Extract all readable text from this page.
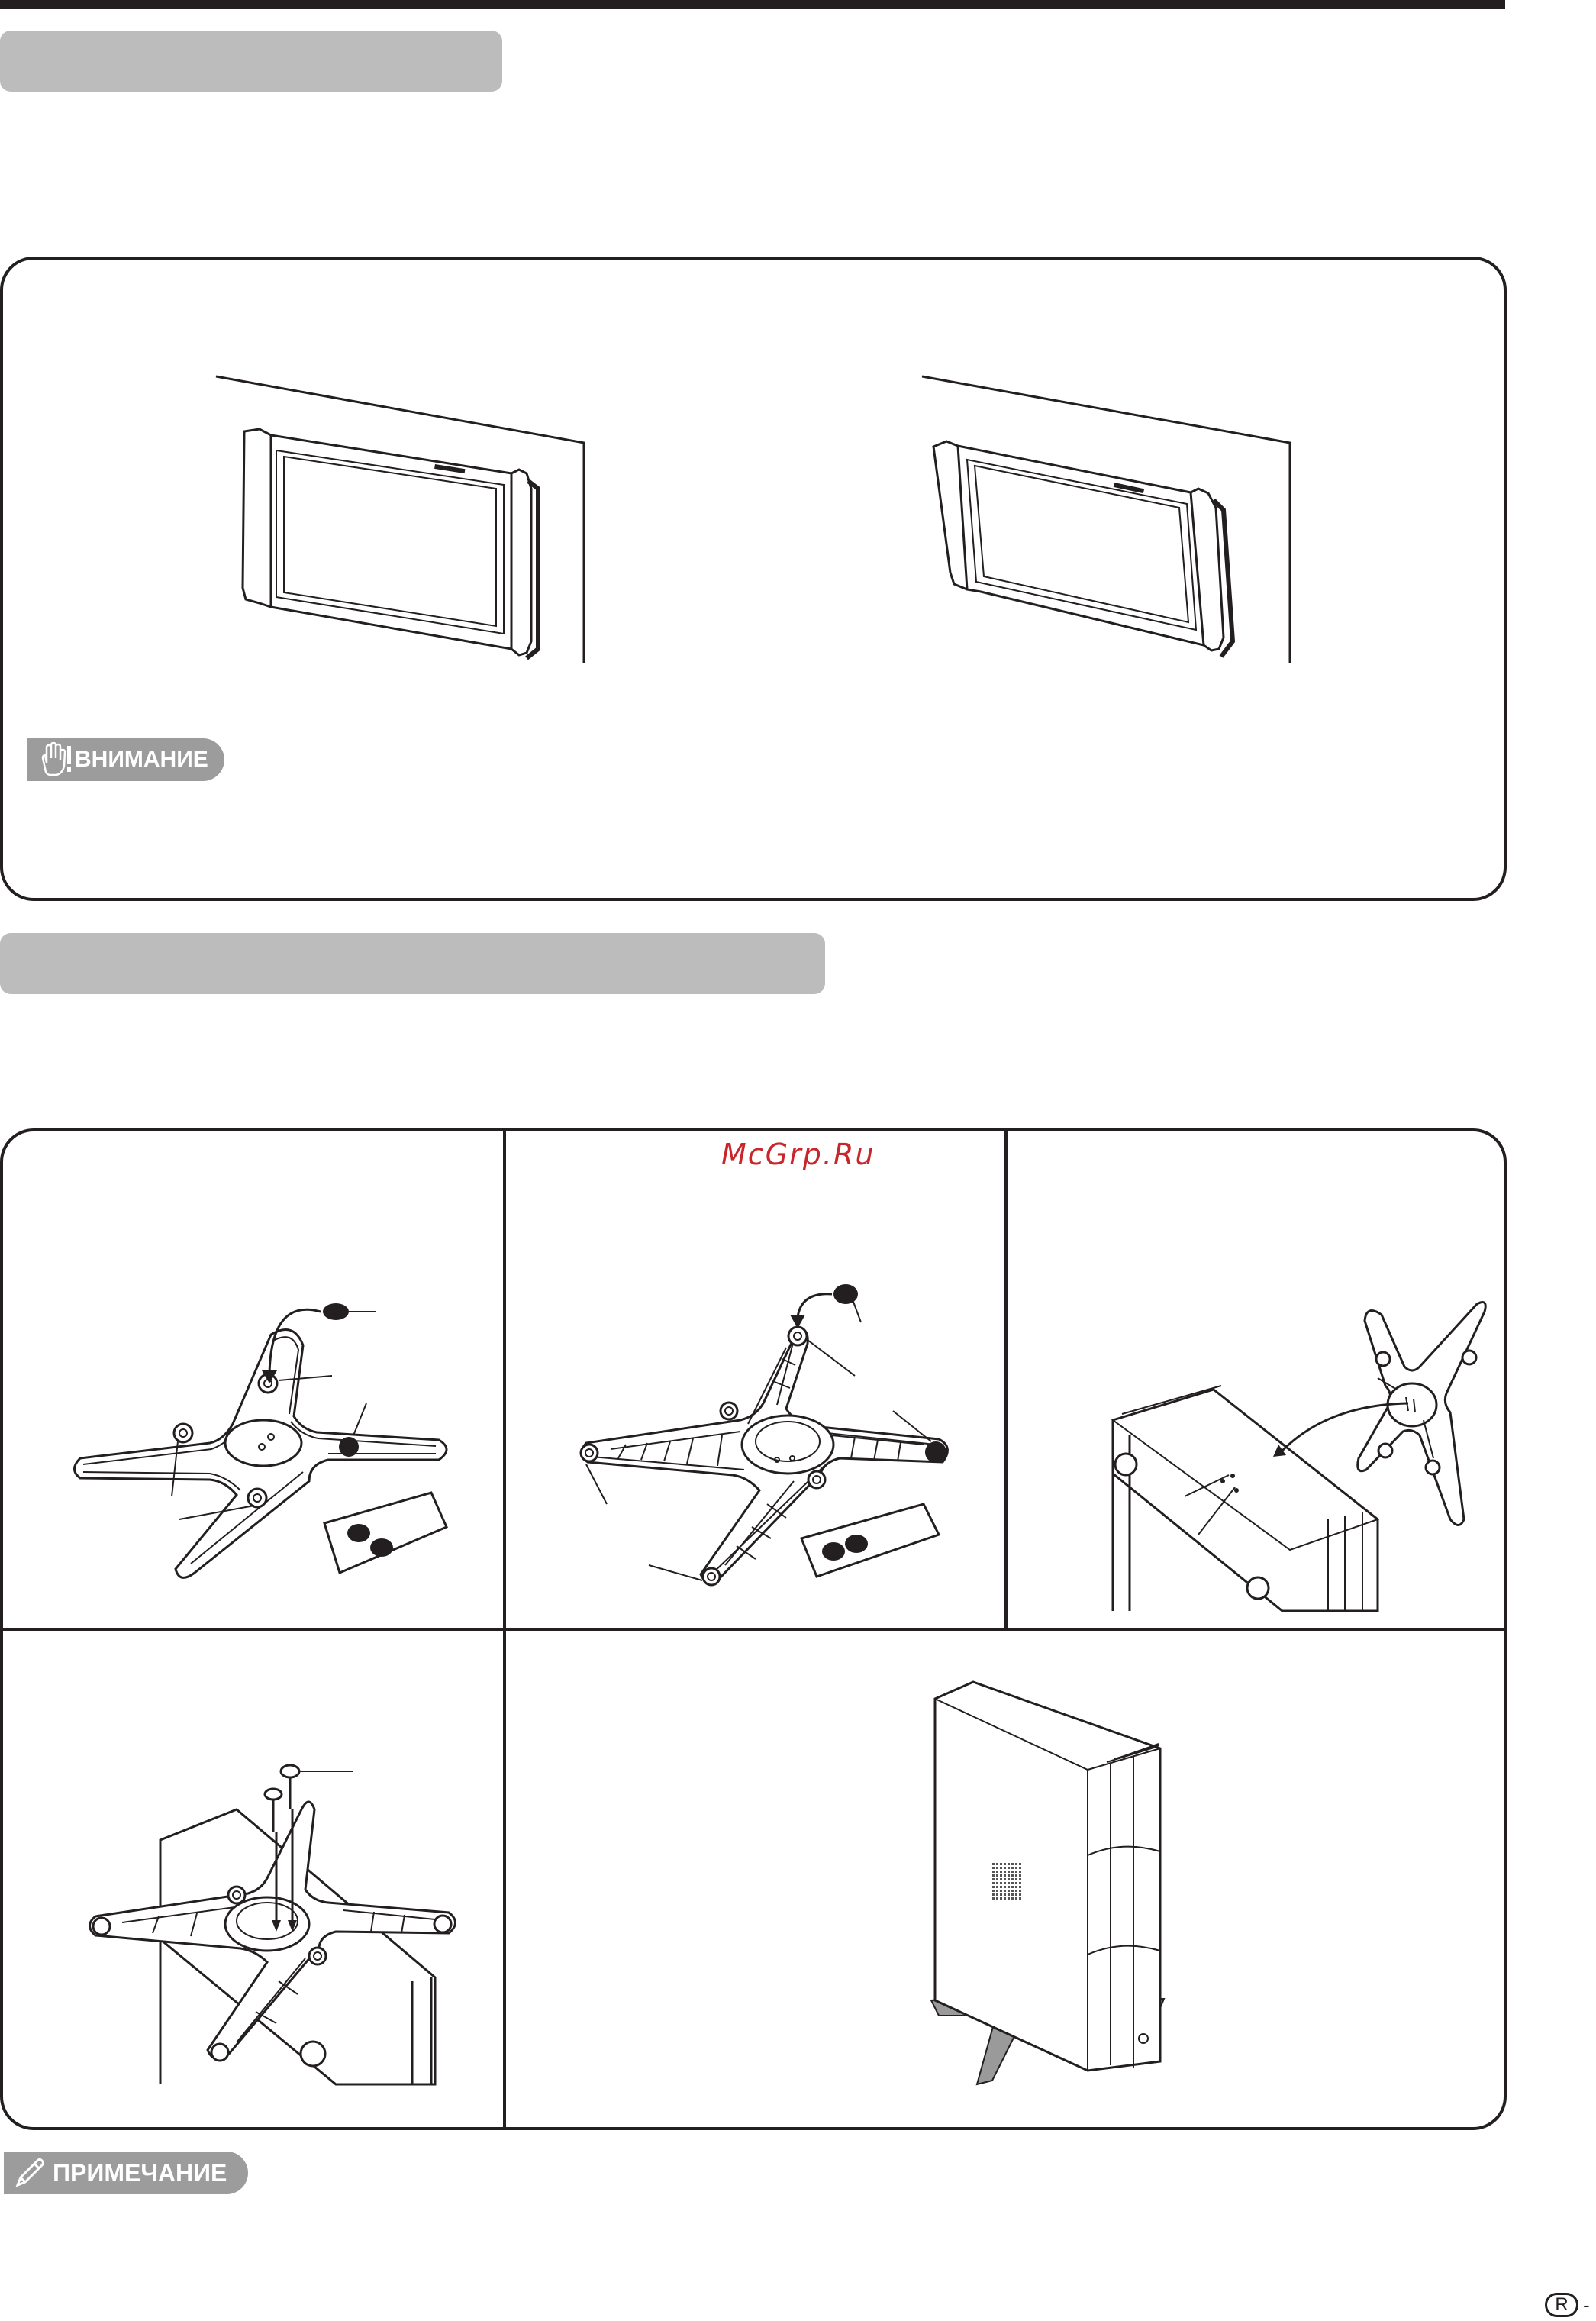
ВНИМАНИЕ
McGrp.Ru
ПРИМЕЧАНИЕ
R -
